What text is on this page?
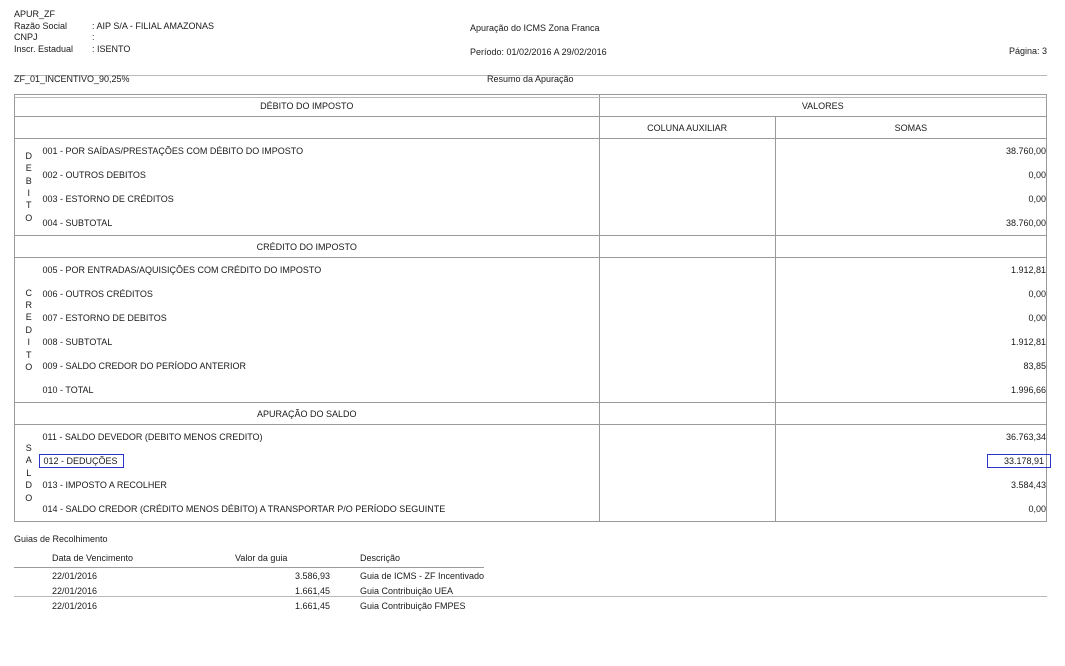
APUR_ZF
Razão Social	: AIP S/A - FILIAL AMAZONAS
CNPJ	:
Inscr. Estadual	: ISENTO
Apuração do ICMS Zona Franca
Período: 01/02/2016 A 29/02/2016	Página: 3
ZF_01_INCENTIVO_90,25%	Resumo da Apuração
DÉBITO DO IMPOSTO		VALORES	
		COLUNA AUXILIAR	SOMAS

D
E
B
I
T
O
	001 - POR SAÍDAS/PRESTAÇÕES COM DÉBITO DO IMPOSTO		38.760,00
	002 - OUTROS DEBITOS		0,00
	003 - ESTORNO DE CRÉDITOS		0,00
	004 - SUBTOTAL		38.760,00
CRÉDITO DO IMPOSTO			

C
R
E
D
I
T
O
	005 - POR ENTRADAS/AQUISIÇÕES COM CRÉDITO DO IMPOSTO		1.912,81
	006 - OUTROS CRÉDITOS		0,00
	007 - ESTORNO DE DEBITOS		0,00
	008 - SUBTOTAL		1.912,81
	009 - SALDO CREDOR DO PERÍODO ANTERIOR		83,85
	010 - TOTAL		1.996,66
APURAÇÃO DO SALDO			

S
A
L
D
O	011 - SALDO DEVEDOR (DEBITO MENOS CREDITO)		36.763,34
	012 - DEDUÇÕES		33.178,91
	013 - IMPOSTO A RECOLHER		3.584,43
	014 - SALDO CREDOR (CRÉDITO MENOS DÉBITO) A TRANSPORTAR P/O PERÍODO SEGUINTE		0,00
Guias de Recolhimento
Data de Vencimento	Valor da guia	Descrição
22/01/2016	3.586,93	Guia de ICMS - ZF Incentivado
22/01/2016	1.661,45	Guia Contribuição UEA
22/01/2016	1.661,45	Guia Contribuição FMPES
